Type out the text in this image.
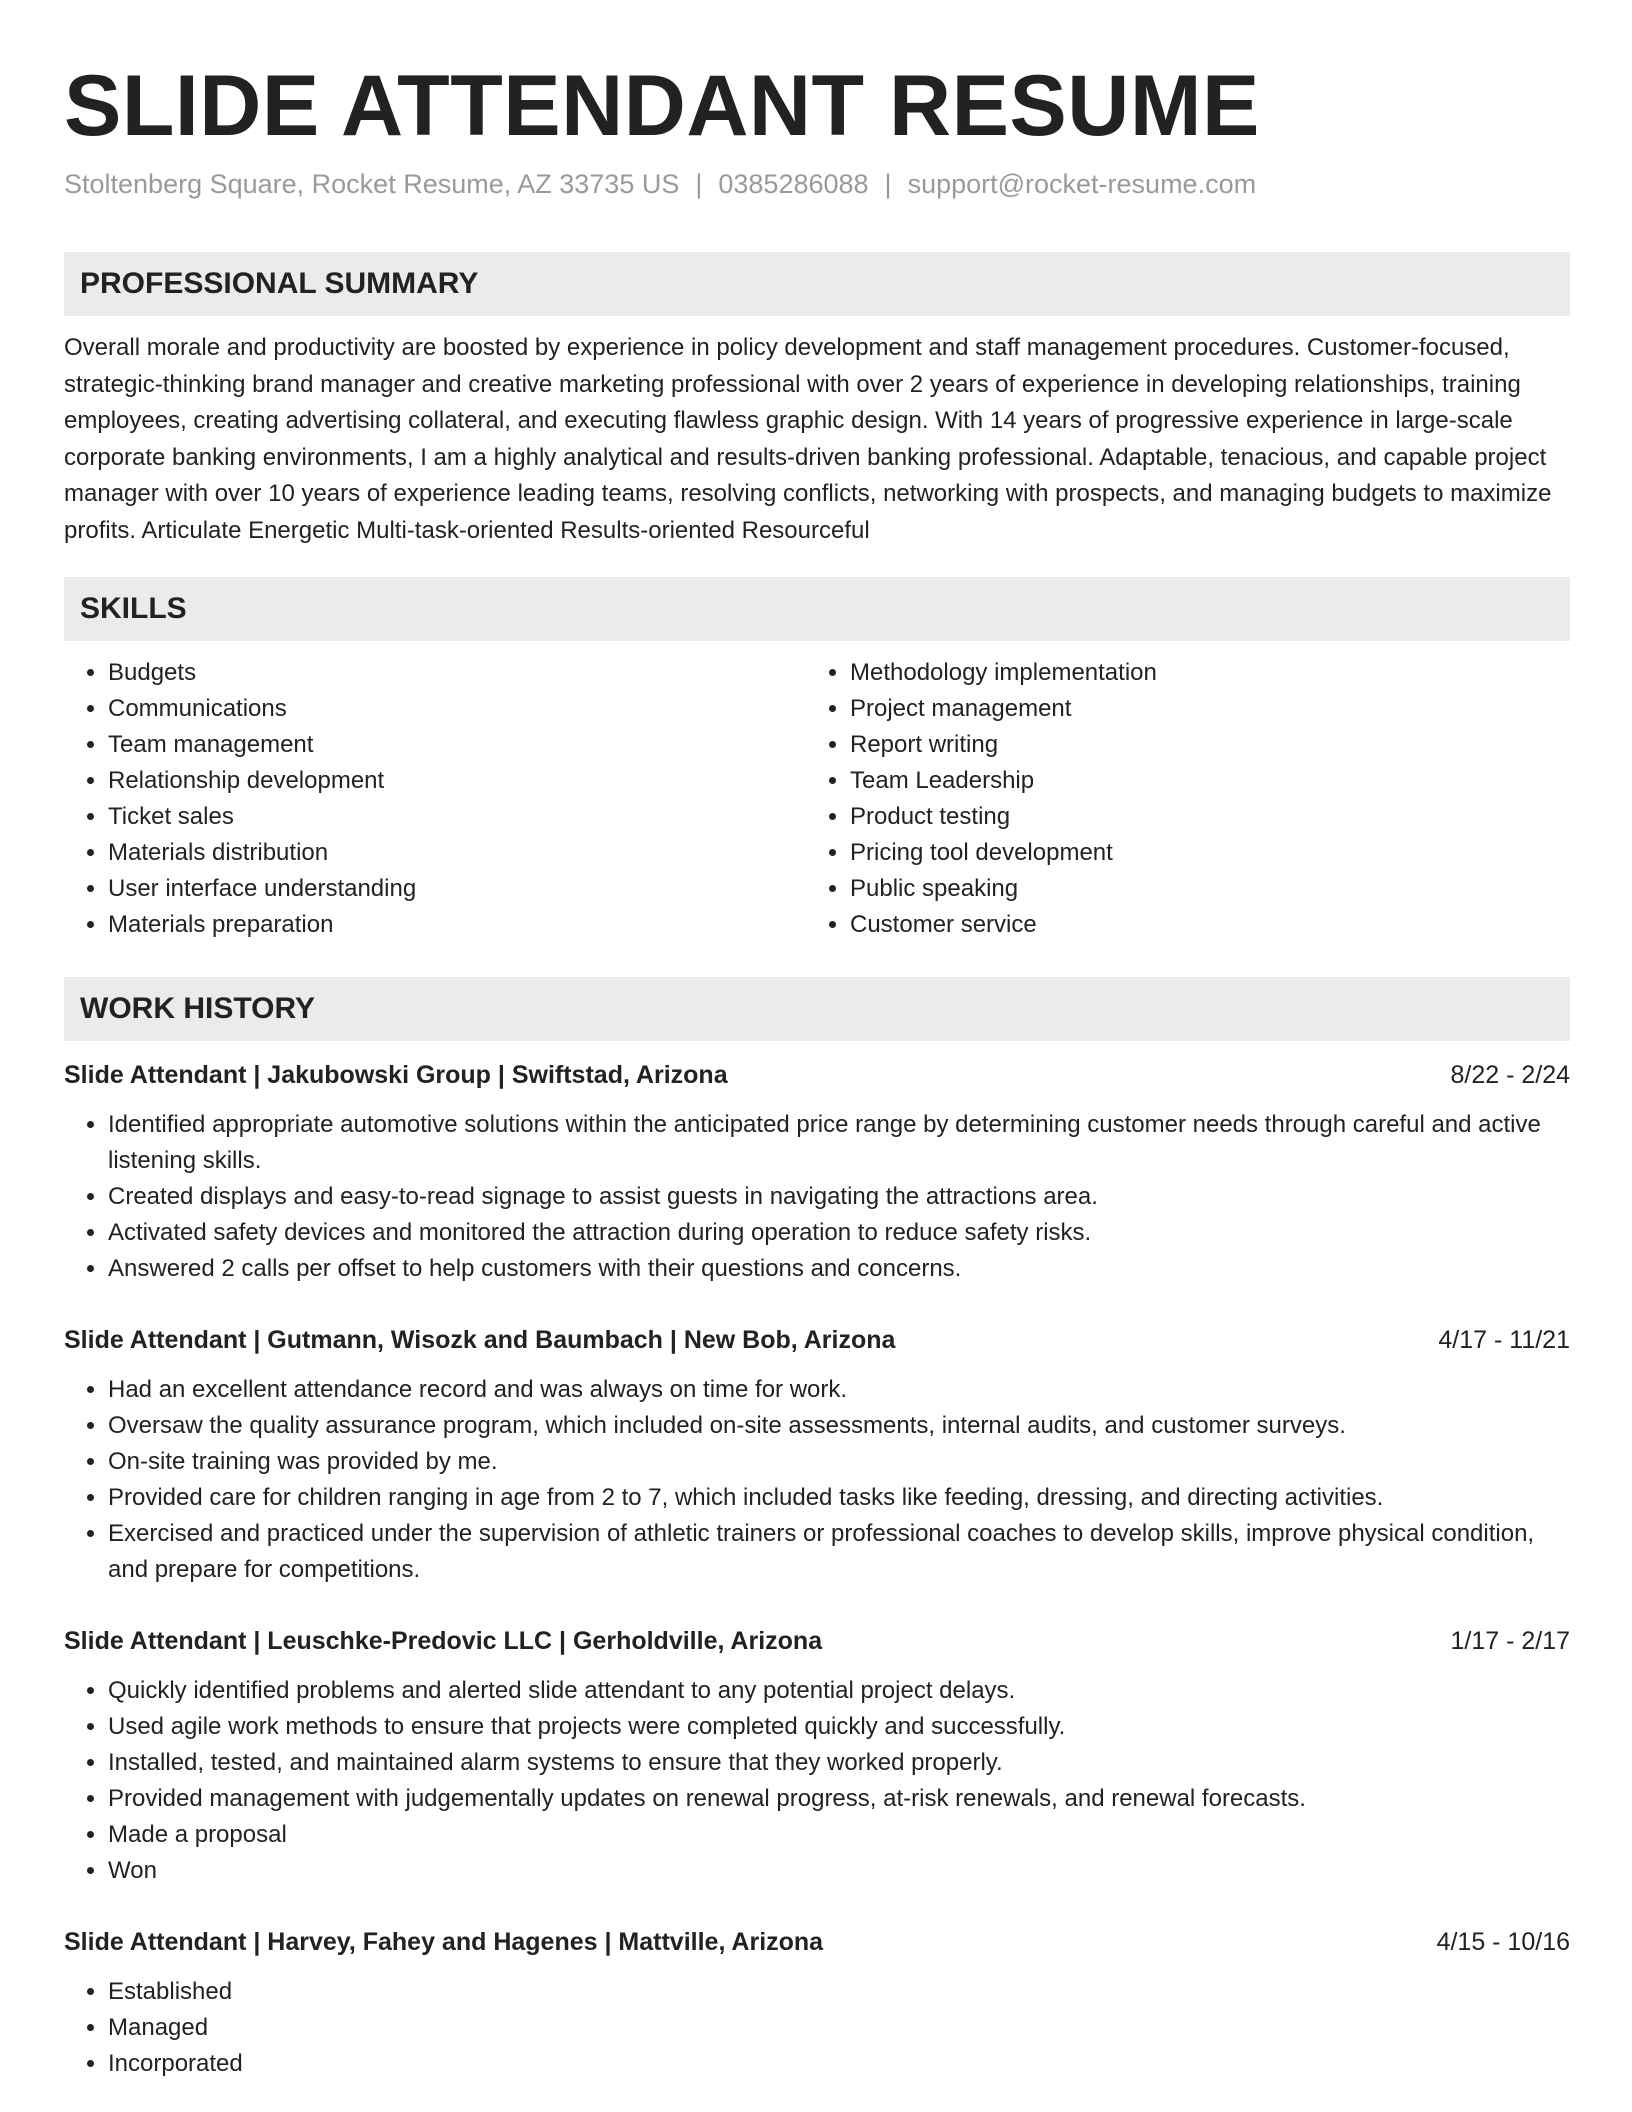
SLIDE ATTENDANT RESUME
Stoltenberg Square, Rocket Resume, AZ 33735 US | 0385286088 | support@rocket-resume.com
PROFESSIONAL SUMMARY
Overall morale and productivity are boosted by experience in policy development and staff management procedures. Customer-focused, strategic-thinking brand manager and creative marketing professional with over 2 years of experience in developing relationships, training employees, creating advertising collateral, and executing flawless graphic design. With 14 years of progressive experience in large-scale corporate banking environments, I am a highly analytical and results-driven banking professional. Adaptable, tenacious, and capable project manager with over 10 years of experience leading teams, resolving conflicts, networking with prospects, and managing budgets to maximize profits. Articulate Energetic Multi-task-oriented Results-oriented Resourceful
SKILLS
• Budgets
• Communications
• Team management
• Relationship development
• Ticket sales
• Materials distribution
• User interface understanding
• Materials preparation
• Methodology implementation
• Project management
• Report writing
• Team Leadership
• Product testing
• Pricing tool development
• Public speaking
• Customer service
WORK HISTORY
Slide Attendant | Jakubowski Group | Swiftstad, Arizona	8/22 - 2/24
• Identified appropriate automotive solutions within the anticipated price range by determining customer needs through careful and active listening skills.
• Created displays and easy-to-read signage to assist guests in navigating the attractions area.
• Activated safety devices and monitored the attraction during operation to reduce safety risks.
• Answered 2 calls per offset to help customers with their questions and concerns.
Slide Attendant | Gutmann, Wisozk and Baumbach | New Bob, Arizona	4/17 - 11/21
• Had an excellent attendance record and was always on time for work.
• Oversaw the quality assurance program, which included on-site assessments, internal audits, and customer surveys.
• On-site training was provided by me.
• Provided care for children ranging in age from 2 to 7, which included tasks like feeding, dressing, and directing activities.
• Exercised and practiced under the supervision of athletic trainers or professional coaches to develop skills, improve physical condition, and prepare for competitions.
Slide Attendant | Leuschke-Predovic LLC | Gerholdville, Arizona	1/17 - 2/17
• Quickly identified problems and alerted slide attendant to any potential project delays.
• Used agile work methods to ensure that projects were completed quickly and successfully.
• Installed, tested, and maintained alarm systems to ensure that they worked properly.
• Provided management with judgementally updates on renewal progress, at-risk renewals, and renewal forecasts.
• Made a proposal
• Won
Slide Attendant | Harvey, Fahey and Hagenes | Mattville, Arizona	4/15 - 10/16
• Established
• Managed
• Incorporated
